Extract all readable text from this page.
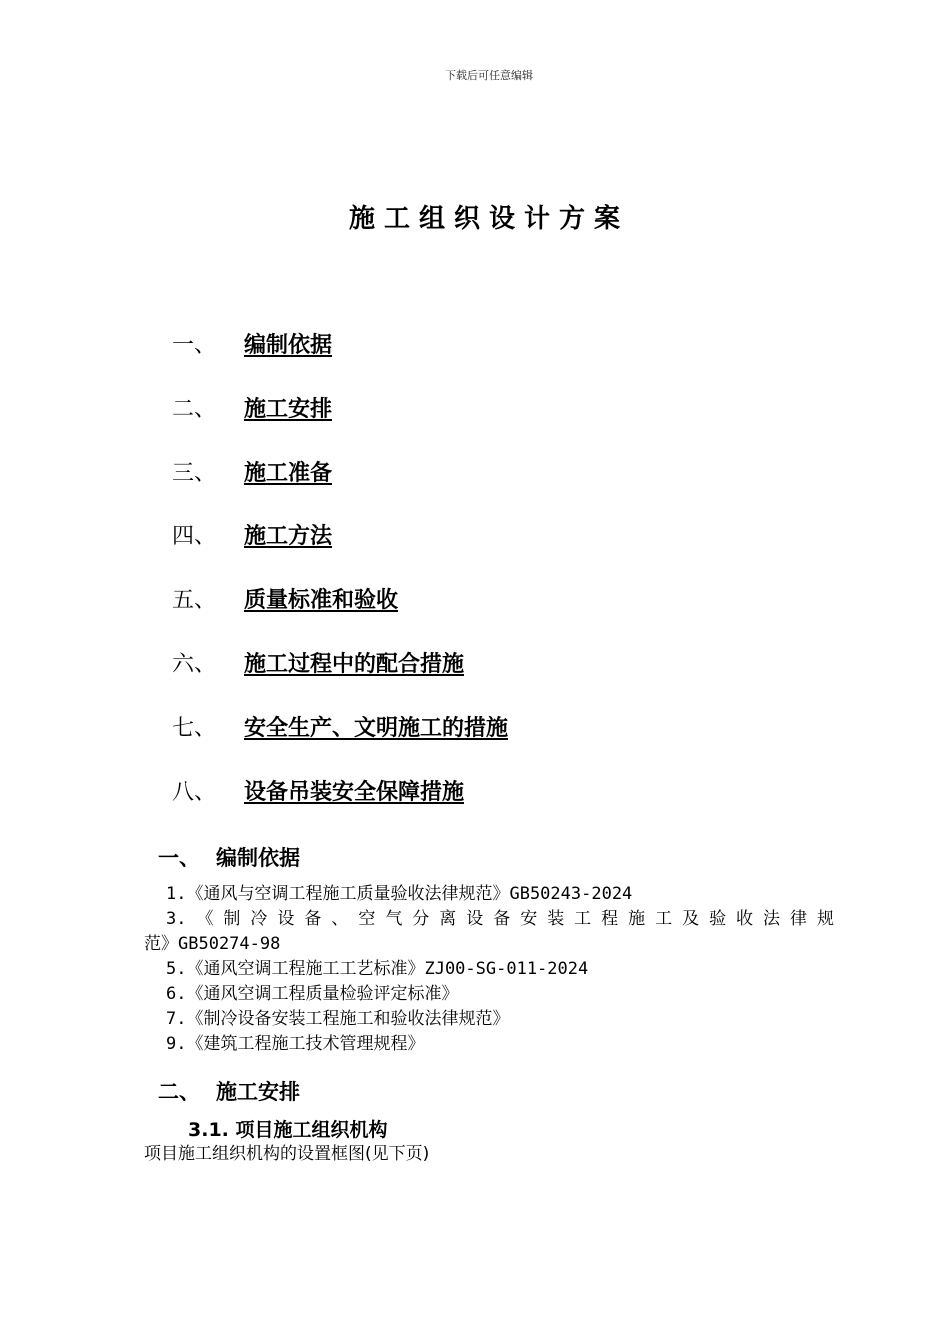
下载后可任意编辑
施工组织设计方案
一、	编制依据
二、	施工安排
三、	施工准备
四、	施工方法
五、	质量标准和验收
六、	施工过程中的配合措施
七、	安全生产、文明施工的措施
八、	设备吊装安全保障措施
一、 编制依据
1.《通风与空调工程施工质量验收法律规范》GB50243-2024
3.《制冷设备、空气分离设备安装工程施工及验收法律规
范》GB50274-98
5.《通风空调工程施工工艺标准》ZJ00-SG-011-2024
6.《通风空调工程质量检验评定标准》
7.《制冷设备安装工程施工和验收法律规范》
9.《建筑工程施工技术管理规程》
二、 施工安排
3.1. 项目施工组织机构
项目施工组织机构的设置框图(见下页)
